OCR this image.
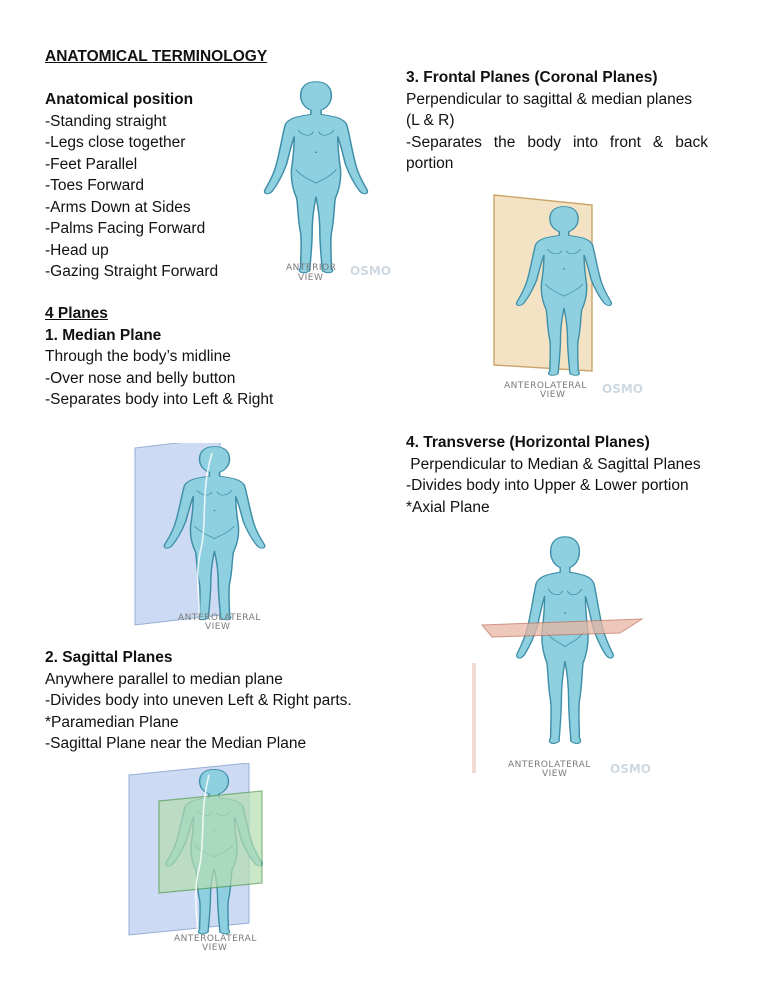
ANATOMICAL TERMINOLOGY
Anatomical position
-Standing straight
-Legs close together
-Feet Parallel
-Toes Forward
-Arms Down at Sides
-Palms Facing Forward
-Head up
-Gazing Straight Forward
4 Planes
1. Median Plane
Through the body’s midline
-Over nose and belly button
-Separates body into Left & Right
2. Sagittal Planes
Anywhere parallel to median plane
-Divides body into uneven Left & Right parts.
*Paramedian Plane
-Sagittal Plane near the Median Plane
3. Frontal Planes (Coronal Planes)
Perpendicular to sagittal & median planes
(L & R)
-Separates the body into front & back
portion
4. Transverse (Horizontal Planes)
Perpendicular to Median & Sagittal Planes
-Divides body into Upper & Lower portion
*Axial Plane
ANTERIOR
VIEW OSMO
ANTEROLATERAL
VIEW
ANTEROLATERAL
VIEW
ANTEROLATERAL
VIEW	OSMO
ANTEROLATERAL
VIEW	OSMO
